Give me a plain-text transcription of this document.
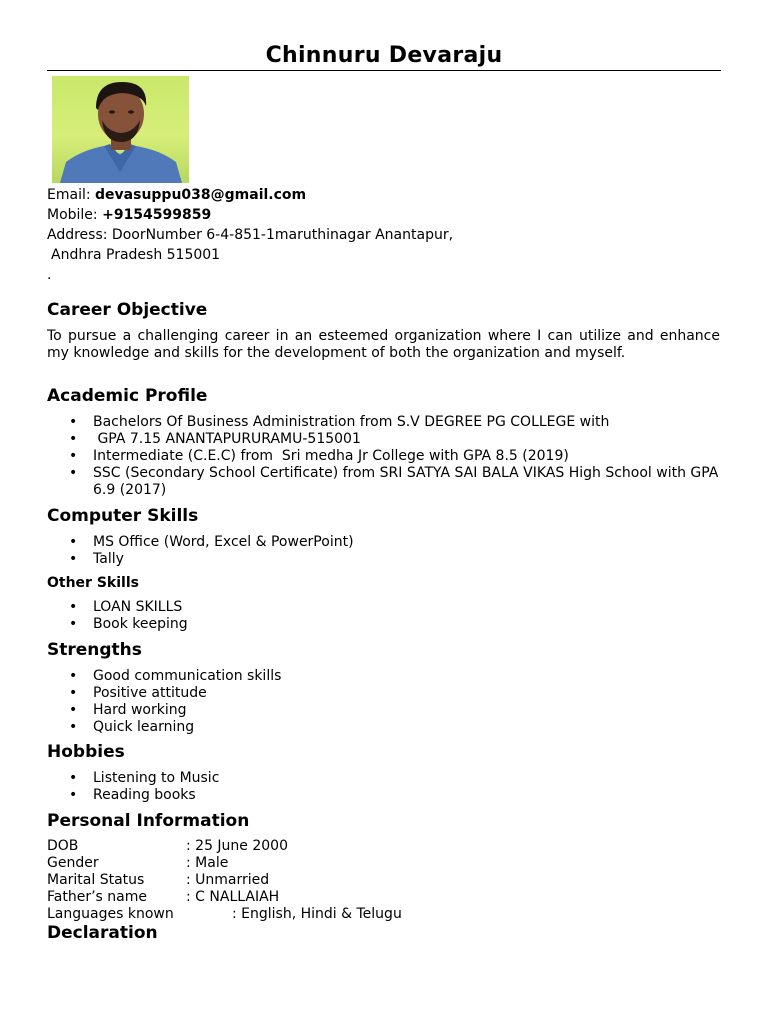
Chinnuru Devaraju
Email: devasuppu038@gmail.com
Mobile: +9154599859
Address: DoorNumber 6-4-851-1maruthinagar Anantapur,
Andhra Pradesh 515001
.
Career Objective
To pursue a challenging career in an esteemed organization where I can utilize and enhance my knowledge and skills for the development of both the organization and myself.
Academic Profile
• Bachelors Of Business Administration from S.V DEGREE PG COLLEGE with
•  GPA 7.15 ANANTAPURURAMU-515001
• Intermediate (C.E.C) from  Sri medha Jr College with GPA 8.5 (2019)
• SSC (Secondary School Certificate) from SRI SATYA SAI BALA VIKAS High School with GPA 6.9 (2017)
Computer Skills
• MS Office (Word, Excel & PowerPoint)
• Tally
Other Skills
• LOAN SKILLS
• Book keeping
Strengths
• Good communication skills
• Positive attitude
• Hard working
• Quick learning
Hobbies
• Listening to Music
• Reading books
Personal Information
DOB	: 25 June 2000
Gender	: Male
Marital Status	: Unmarried
Father’s name	: C NALLAIAH
Languages known	: English, Hindi & Telugu
Declaration
